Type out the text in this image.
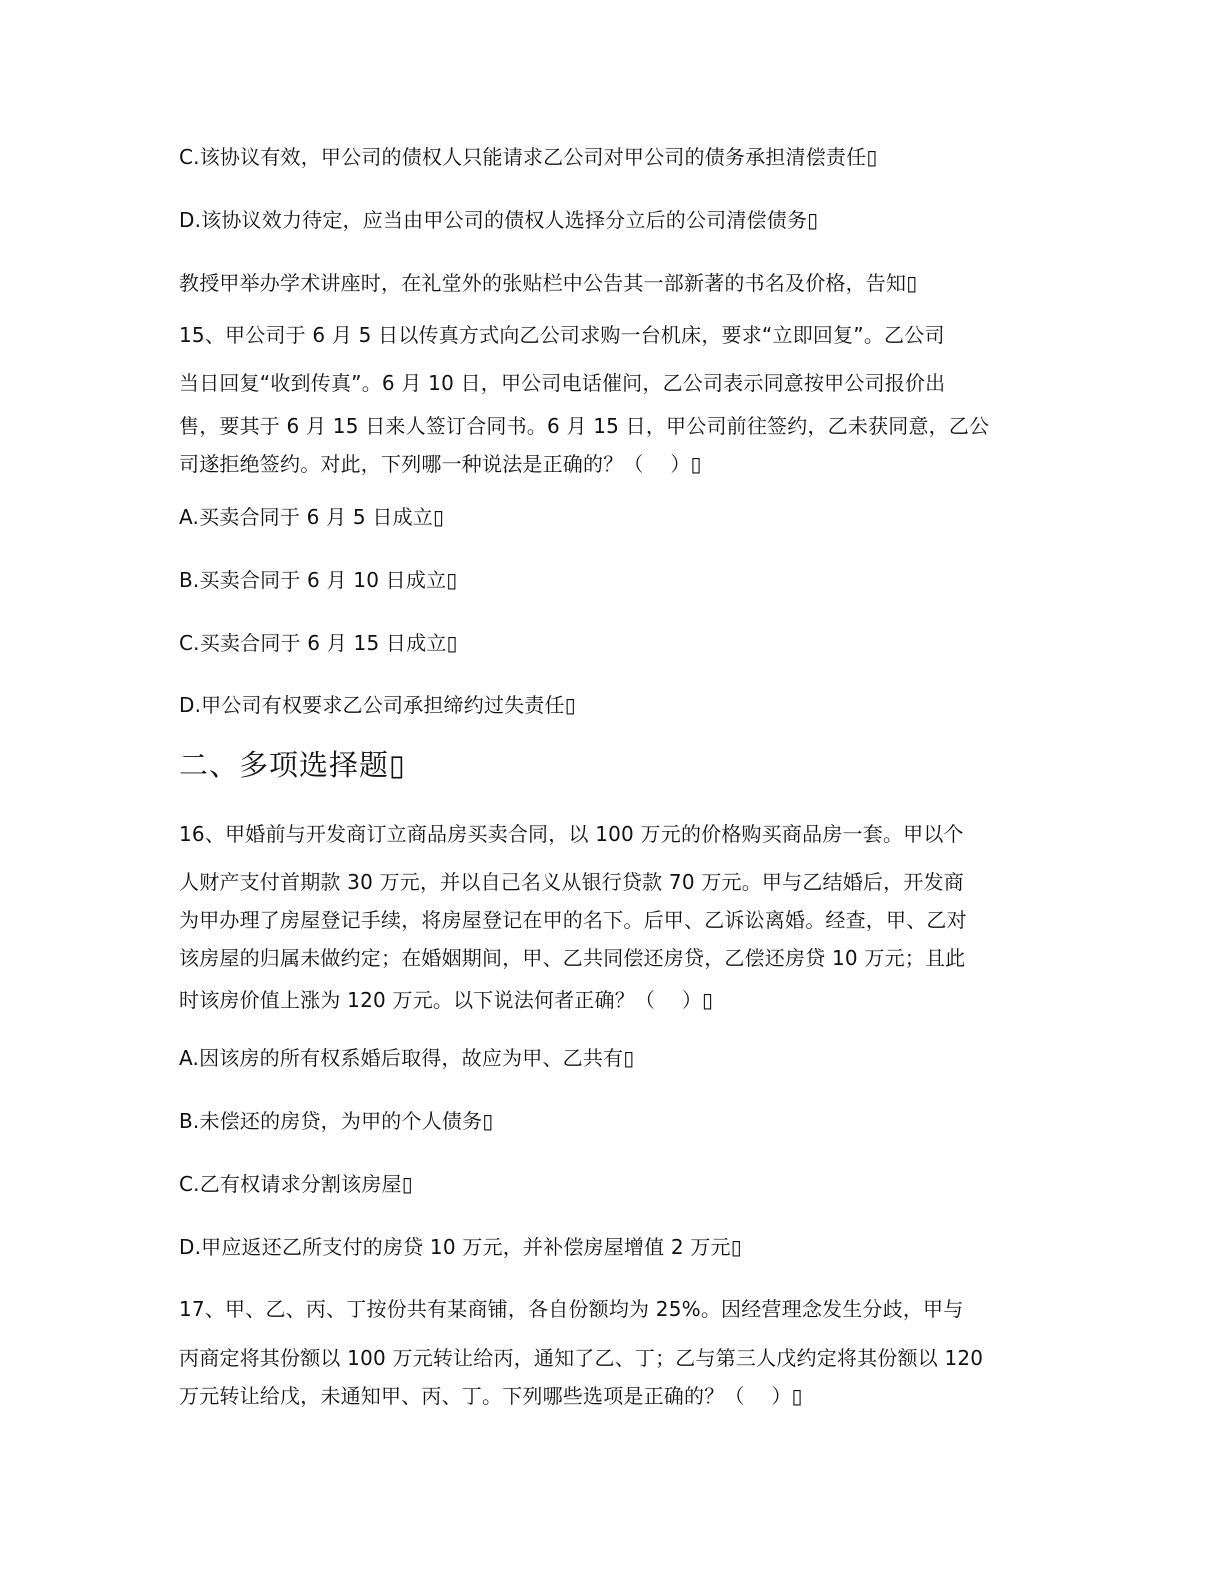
C.该协议有效，甲公司的债权人只能请求乙公司对甲公司的债务承担清偿责任▯
D.该协议效力待定，应当由甲公司的债权人选择分立后的公司清偿债务▯
教授甲举办学术讲座时，在礼堂外的张贴栏中公告其一部新著的书名及价格，告知▯
15、甲公司于 6 月 5 日以传真方式向乙公司求购一台机床，要求“立即回复”。乙公司
当日回复“收到传真”。6 月 10 日，甲公司电话催问，乙公司表示同意按甲公司报价出
售，要其于 6 月 15 日来人签订合同书。6 月 15 日，甲公司前往签约，乙未获同意，乙公
司遂拒绝签约。对此，下列哪一种说法是正确的？（　 ）▯
A.买卖合同于 6 月 5 日成立▯
B.买卖合同于 6 月 10 日成立▯
C.买卖合同于 6 月 15 日成立▯
D.甲公司有权要求乙公司承担缔约过失责任▯
二、多项选择题▯
16、甲婚前与开发商订立商品房买卖合同，以 100 万元的价格购买商品房一套。甲以个
人财产支付首期款 30 万元，并以自己名义从银行贷款 70 万元。甲与乙结婚后，开发商
为甲办理了房屋登记手续，将房屋登记在甲的名下。后甲、乙诉讼离婚。经查，甲、乙对
该房屋的归属未做约定；在婚姻期间，甲、乙共同偿还房贷，乙偿还房贷 10 万元；且此
时该房价值上涨为 120 万元。以下说法何者正确？（　 ）▯
A.因该房的所有权系婚后取得，故应为甲、乙共有▯
B.未偿还的房贷，为甲的个人债务▯
C.乙有权请求分割该房屋▯
D.甲应返还乙所支付的房贷 10 万元，并补偿房屋增值 2 万元▯
17、甲、乙、丙、丁按份共有某商铺，各自份额均为 25%。因经营理念发生分歧，甲与
丙商定将其份额以 100 万元转让给丙，通知了乙、丁；乙与第三人戊约定将其份额以 120
万元转让给戊，未通知甲、丙、丁。下列哪些选项是正确的？（　 ）▯
